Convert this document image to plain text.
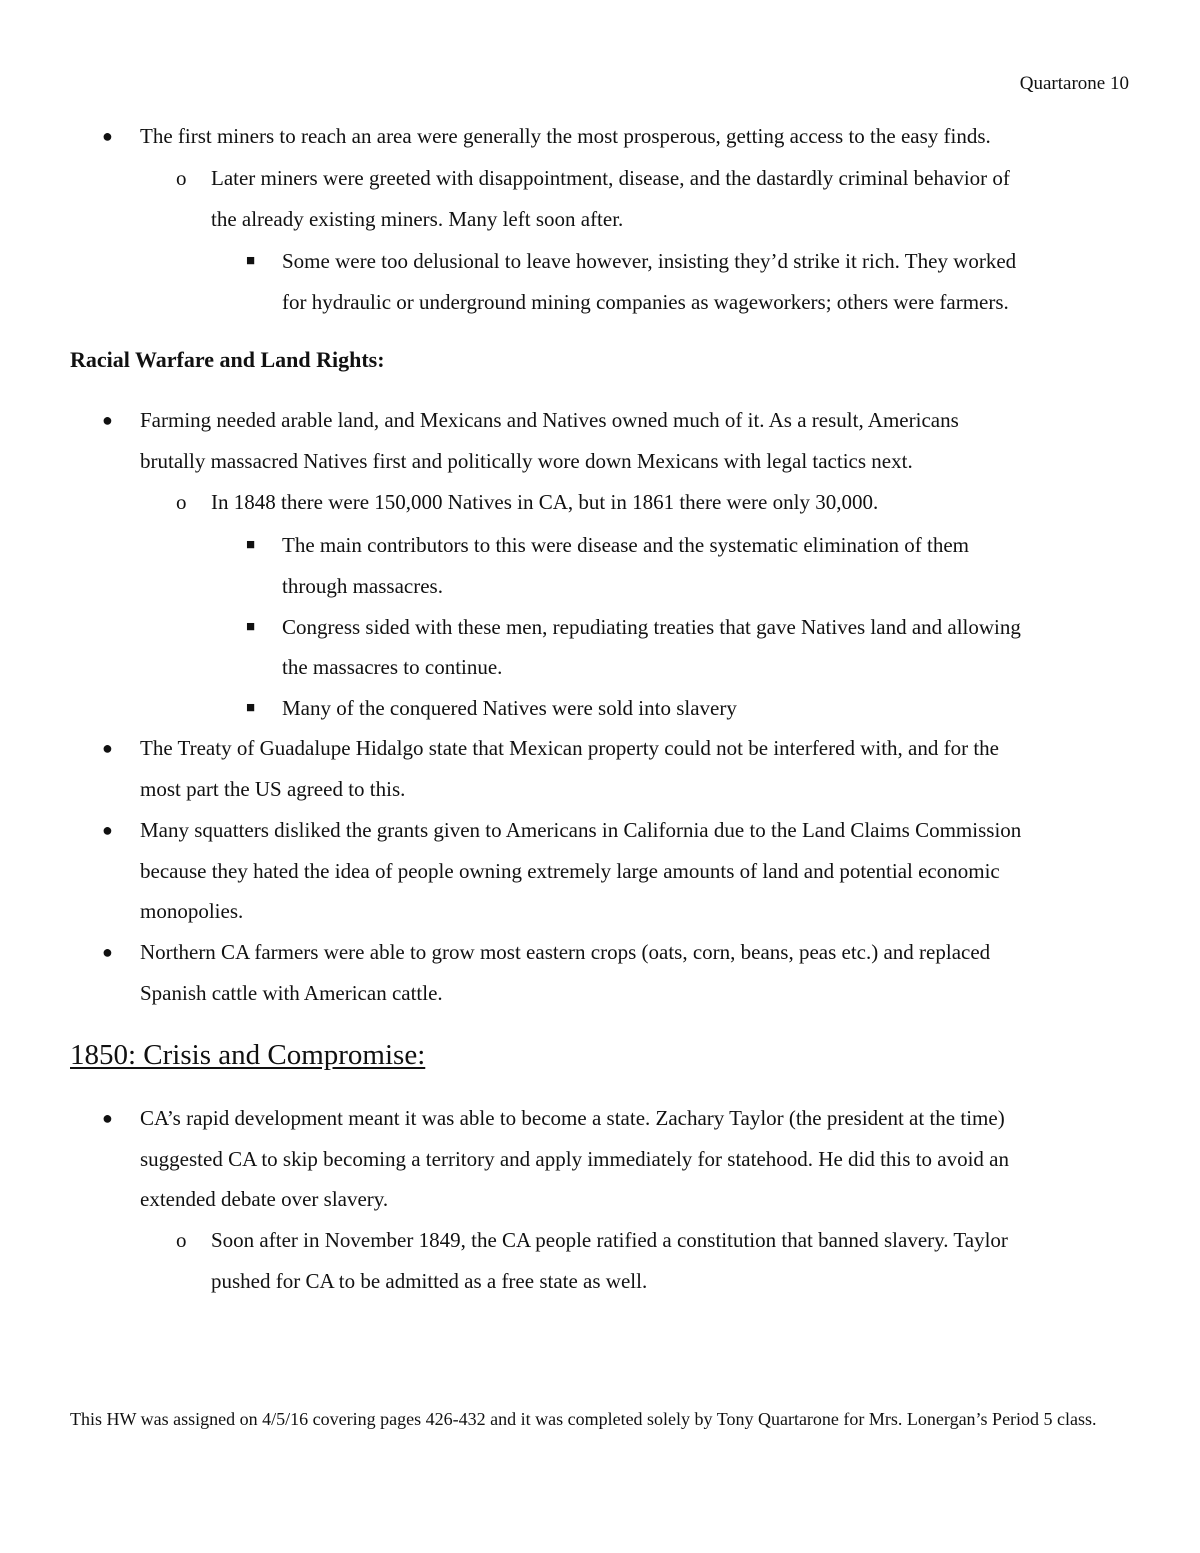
Quartarone 10
● The first miners to reach an area were generally the most prosperous, getting access to the easy finds.
o Later miners were greeted with disappointment, disease, and the dastardly criminal behavior of
the already existing miners. Many left soon after.
■ Some were too delusional to leave however, insisting they’d strike it rich. They worked
for hydraulic or underground mining companies as wageworkers; others were farmers.
Racial Warfare and Land Rights:
● Farming needed arable land, and Mexicans and Natives owned much of it. As a result, Americans
brutally massacred Natives first and politically wore down Mexicans with legal tactics next.
o In 1848 there were 150,000 Natives in CA, but in 1861 there were only 30,000.
■ The main contributors to this were disease and the systematic elimination of them
through massacres.
■ Congress sided with these men, repudiating treaties that gave Natives land and allowing
the massacres to continue.
■ Many of the conquered Natives were sold into slavery
● The Treaty of Guadalupe Hidalgo state that Mexican property could not be interfered with, and for the
most part the US agreed to this.
● Many squatters disliked the grants given to Americans in California due to the Land Claims Commission
because they hated the idea of people owning extremely large amounts of land and potential economic
monopolies.
● Northern CA farmers were able to grow most eastern crops (oats, corn, beans, peas etc.) and replaced
Spanish cattle with American cattle.
1850: Crisis and Compromise:
● CA’s rapid development meant it was able to become a state. Zachary Taylor (the president at the time)
suggested CA to skip becoming a territory and apply immediately for statehood. He did this to avoid an
extended debate over slavery.
o Soon after in November 1849, the CA people ratified a constitution that banned slavery. Taylor
pushed for CA to be admitted as a free state as well.
This HW was assigned on 4/5/16 covering pages 426-432 and it was completed solely by Tony Quartarone for Mrs. Lonergan’s Period 5 class.
